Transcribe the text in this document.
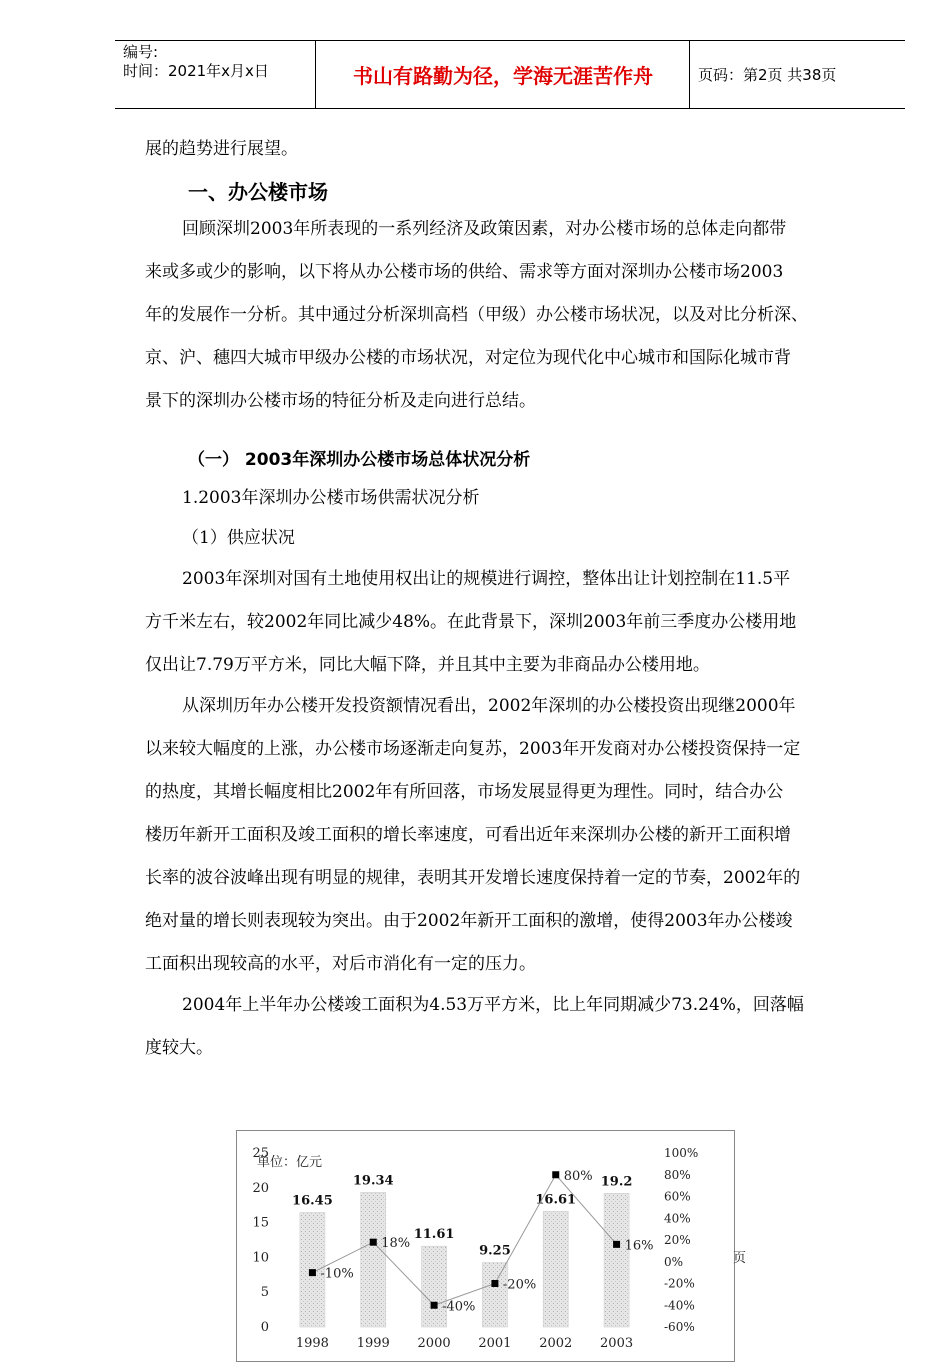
编号:
时间：2021年x月x日	书山有路勤为径，学海无涯苦作舟	页码：第2页 共38页
展的趋势进行展望。
一、办公楼市场
回顾深圳2003年所表现的一系列经济及政策因素，对办公楼市场的总体走向都带
来或多或少的影响，以下将从办公楼市场的供给、需求等方面对深圳办公楼市场2003
年的发展作一分析。其中通过分析深圳高档（甲级）办公楼市场状况，以及对比分析深、
京、沪、穗四大城市甲级办公楼的市场状况，对定位为现代化中心城市和国际化城市背
景下的深圳办公楼市场的特征分析及走向进行总结。
（一） 2003年深圳办公楼市场总体状况分析
1.2003年深圳办公楼市场供需状况分析
（1）供应状况
2003年深圳对国有土地使用权出让的规模进行调控，整体出让计划控制在11.5平
方千米左右，较2002年同比减少48%。在此背景下，深圳2003年前三季度办公楼用地
仅出让7.79万平方米，同比大幅下降，并且其中主要为非商品办公楼用地。
从深圳历年办公楼开发投资额情况看出，2002年深圳的办公楼投资出现继2000年
以来较大幅度的上涨，办公楼市场逐渐走向复苏，2003年开发商对办公楼投资保持一定
的热度，其增长幅度相比2002年有所回落，市场发展显得更为理性。同时，结合办公
楼历年新开工面积及竣工面积的增长率速度，可看出近年来深圳办公楼的新开工面积增
长率的波谷波峰出现有明显的规律，表明其开发增长速度保持着一定的节奏，2002年的
绝对量的增长则表现较为突出。由于2002年新开工面积的激增，使得2003年办公楼竣
工面积出现较高的水平，对后市消化有一定的压力。
2004年上半年办公楼竣工面积为4.53万平方米，比上年同期减少73.24%，回落幅
度较大。
25
20
15
10
5
0
100%
80%
60%
40%
20%
0%
-20%
-40%
-60%
单位：亿元
16.45
19.34
11.61
9.25
16.61
19.2
-10%
18%
-40%
-20%
80%
16%
1998 1999 2000 2001 2002 2003
页
